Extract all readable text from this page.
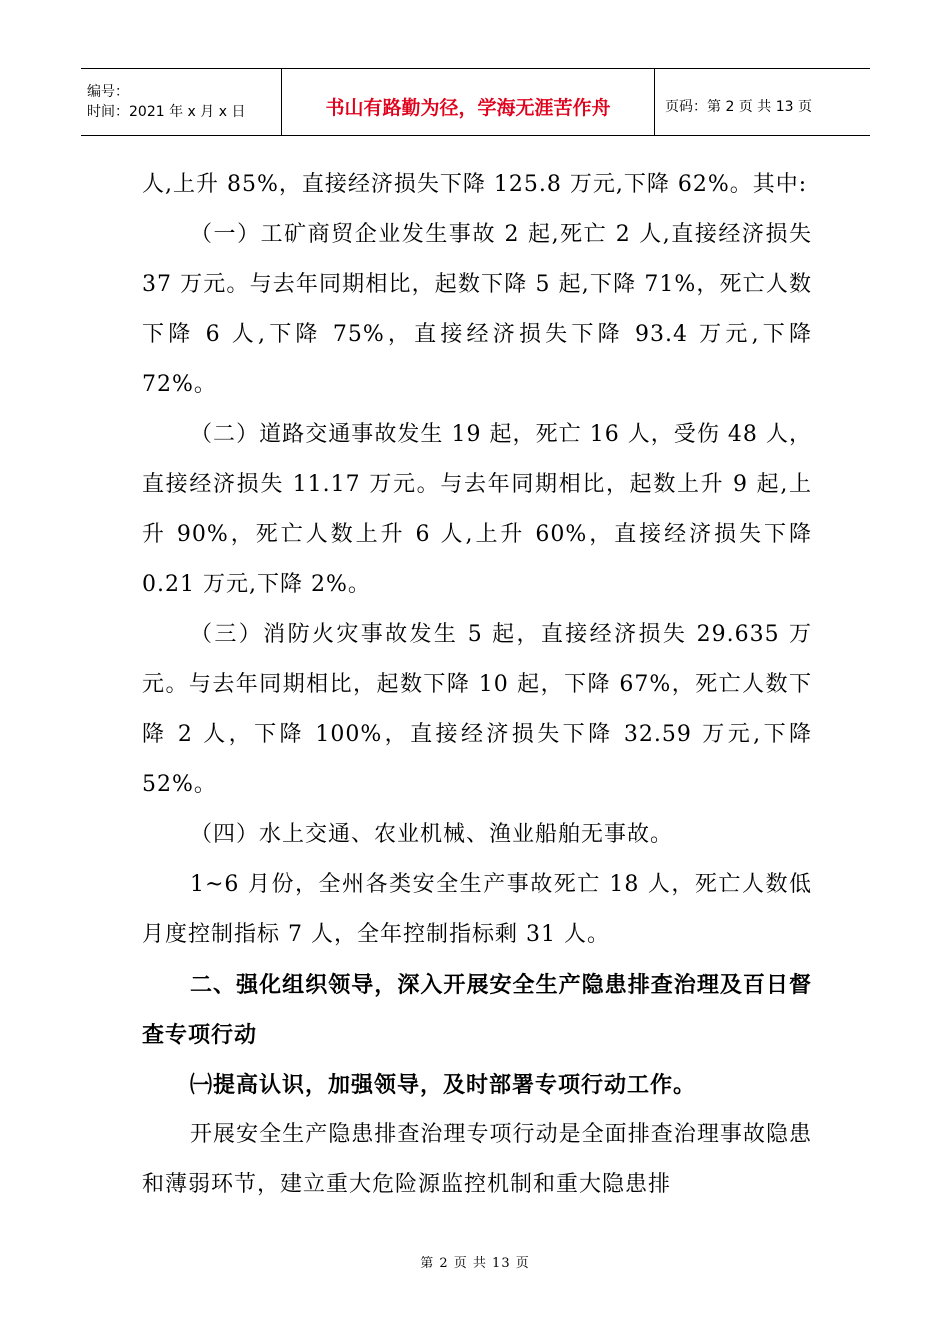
编号：
时间：2021 年 x 月 x 日	书山有路勤为径，学海无涯苦作舟	页码：第 2 页 共 13 页

人,上升 85%，直接经济损失下降 125.8 万元,下降 62%。其中:

（一）工矿商贸企业发生事故 2 起,死亡 2 人,直接经济损失 37 万元。与去年同期相比，起数下降 5 起,下降 71%，死亡人数下降 6 人,下降 75%，直接经济损失下降 93.4 万元,下降 72%。

（二）道路交通事故发生 19 起，死亡 16 人，受伤 48 人，直接经济损失 11.17 万元。与去年同期相比，起数上升 9 起,上升 90%，死亡人数上升 6 人,上升 60%，直接经济损失下降 0.21 万元,下降 2%。

（三）消防火灾事故发生 5 起，直接经济损失 29.635 万元。与去年同期相比，起数下降 10 起，下降 67%，死亡人数下降 2 人，下降 100%，直接经济损失下降 32.59 万元,下降 52%。

（四）水上交通、农业机械、渔业船舶无事故。

1~6 月份，全州各类安全生产事故死亡 18 人，死亡人数低月度控制指标 7 人，全年控制指标剩 31 人。

二、强化组织领导，深入开展安全生产隐患排查治理及百日督查专项行动

㈠提高认识，加强领导，及时部署专项行动工作。

开展安全生产隐患排查治理专项行动是全面排查治理事故隐患和薄弱环节，建立重大危险源监控机制和重大隐患排

第 2 页 共 13 页
